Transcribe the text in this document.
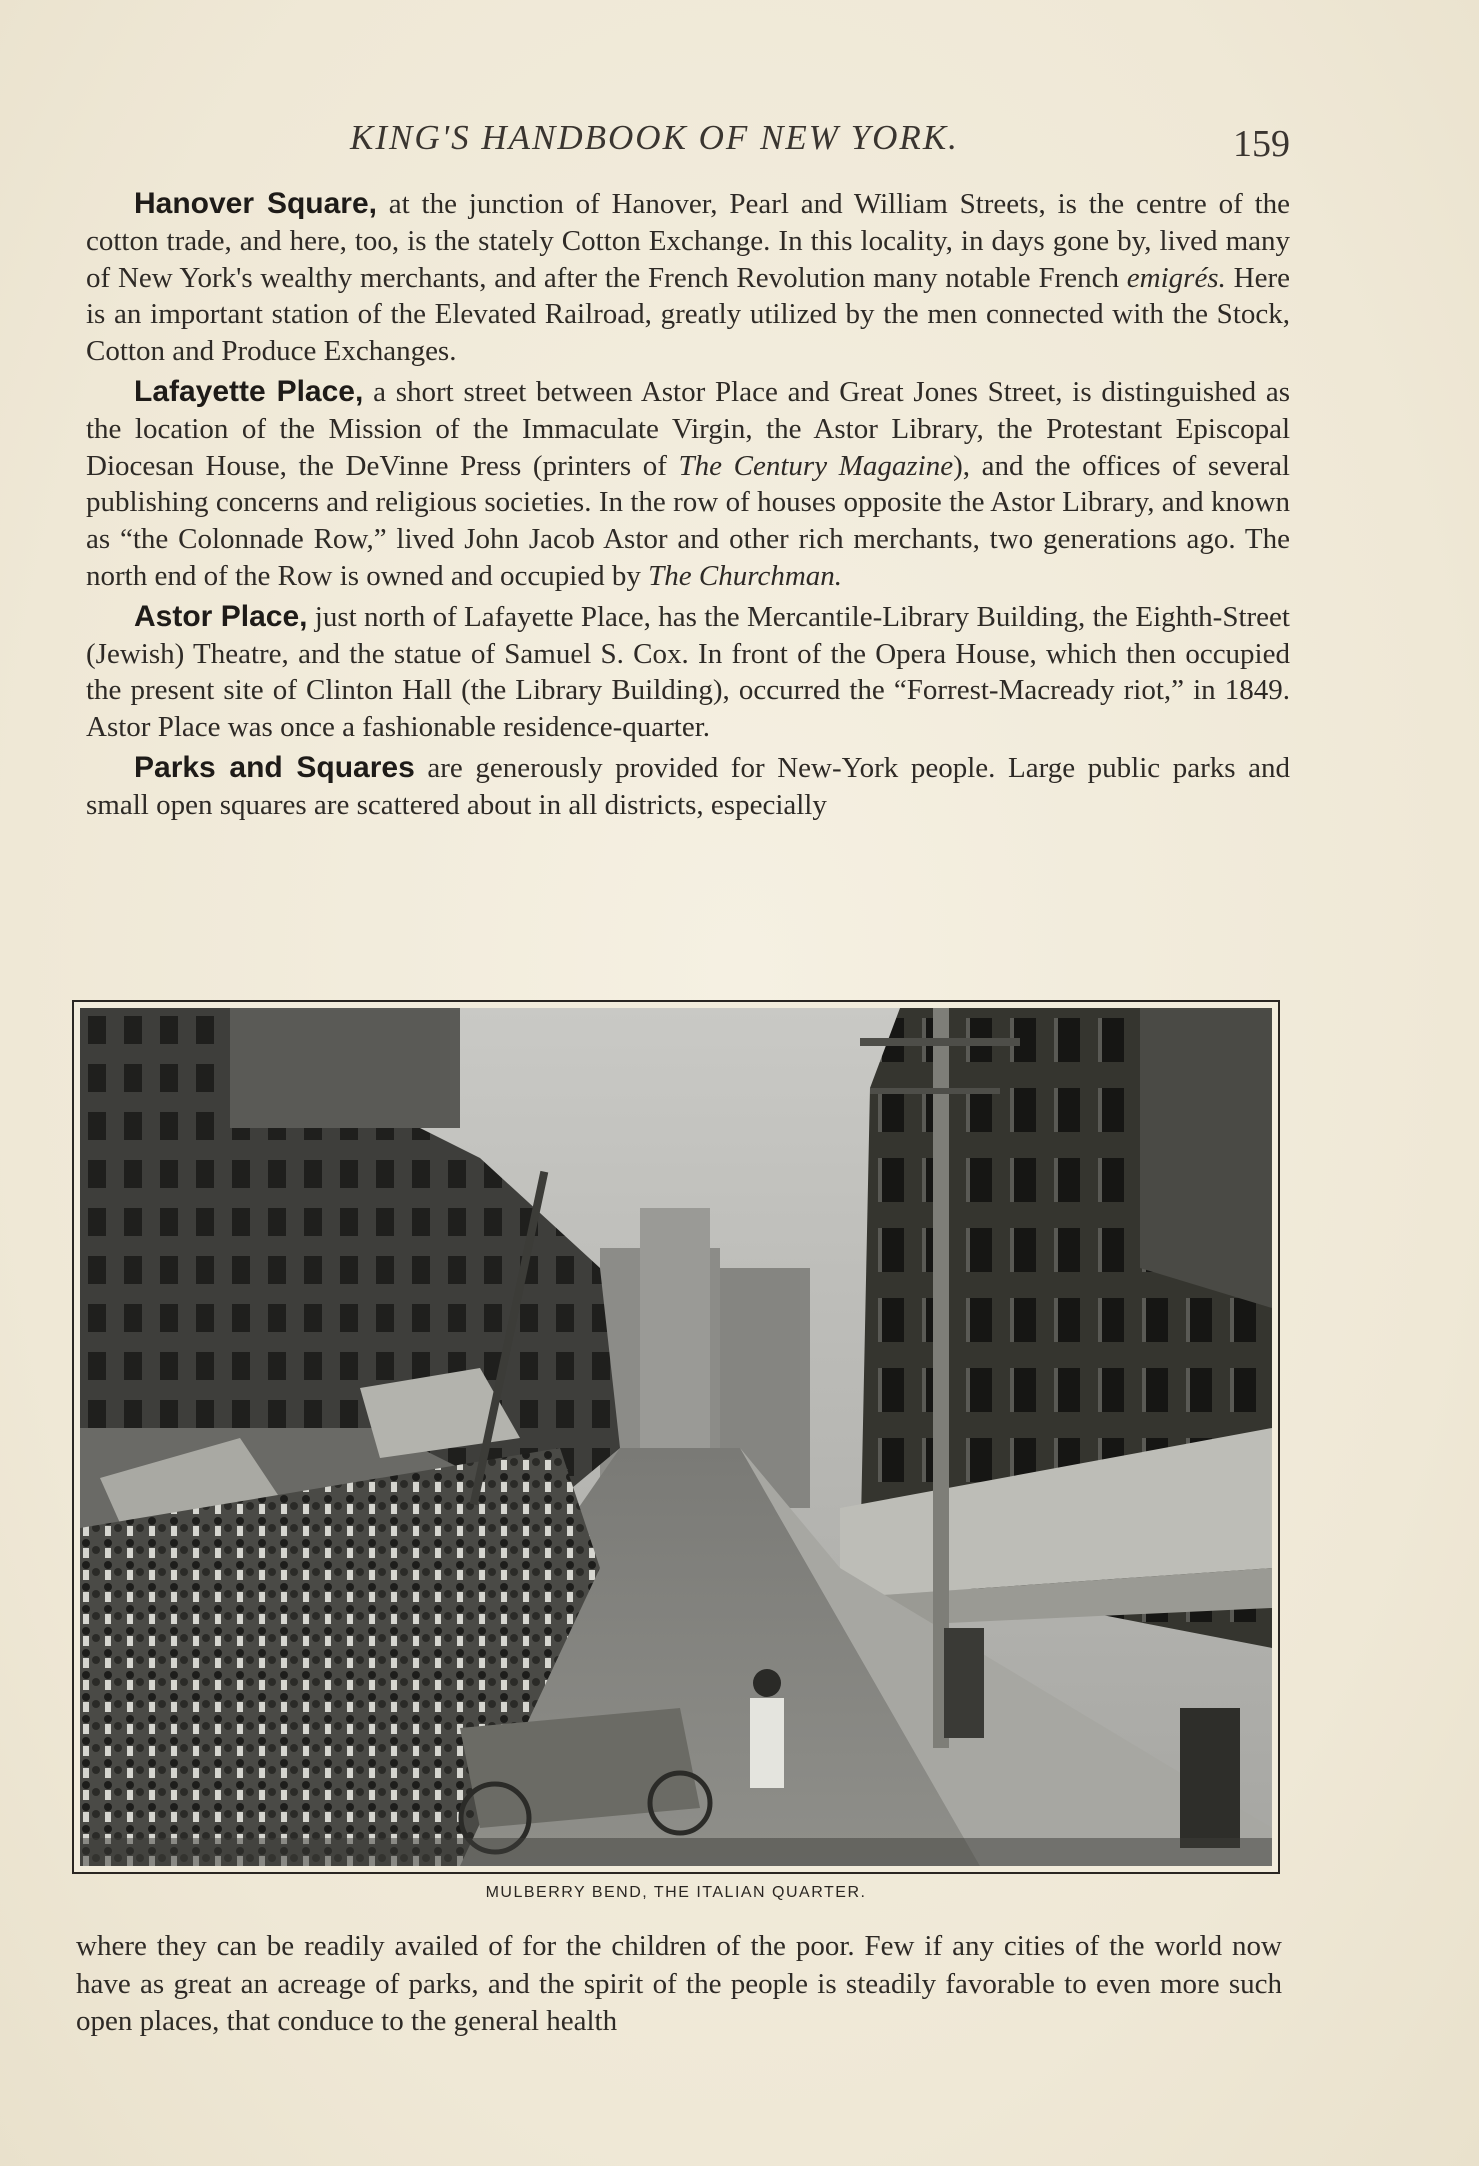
KING'S HANDBOOK OF NEW YORK.	159

Hanover Square, at the junction of Hanover, Pearl and William Streets, is the centre of the cotton trade, and here, too, is the stately Cotton Exchange. In this locality, in days gone by, lived many of New York's wealthy merchants, and after the French Revolution many notable French emigrés. Here is an important station of the Elevated Railroad, greatly utilized by the men connected with the Stock, Cotton and Produce Exchanges.

Lafayette Place, a short street between Astor Place and Great Jones Street, is distinguished as the location of the Mission of the Immaculate Virgin, the Astor Library, the Protestant Episcopal Diocesan House, the DeVinne Press (printers of The Century Magazine), and the offices of several publishing concerns and religious societies. In the row of houses opposite the Astor Library, and known as “the Colonnade Row,” lived John Jacob Astor and other rich merchants, two generations ago. The north end of the Row is owned and occupied by The Churchman.

Astor Place, just north of Lafayette Place, has the Mercantile-Library Building, the Eighth-Street (Jewish) Theatre, and the statue of Samuel S. Cox. In front of the Opera House, which then occupied the present site of Clinton Hall (the Library Building), occurred the “Forrest-Macready riot,” in 1849. Astor Place was once a fashionable residence-quarter.

Parks and Squares are generously provided for New-York people. Large public parks and small open squares are scattered about in all districts, especially

MULBERRY BEND, THE ITALIAN QUARTER.
where they can be readily availed of for the children of the poor. Few if any cities of the world now have as great an acreage of parks, and the spirit of the people is steadily favorable to even more such open places, that conduce to the general health
